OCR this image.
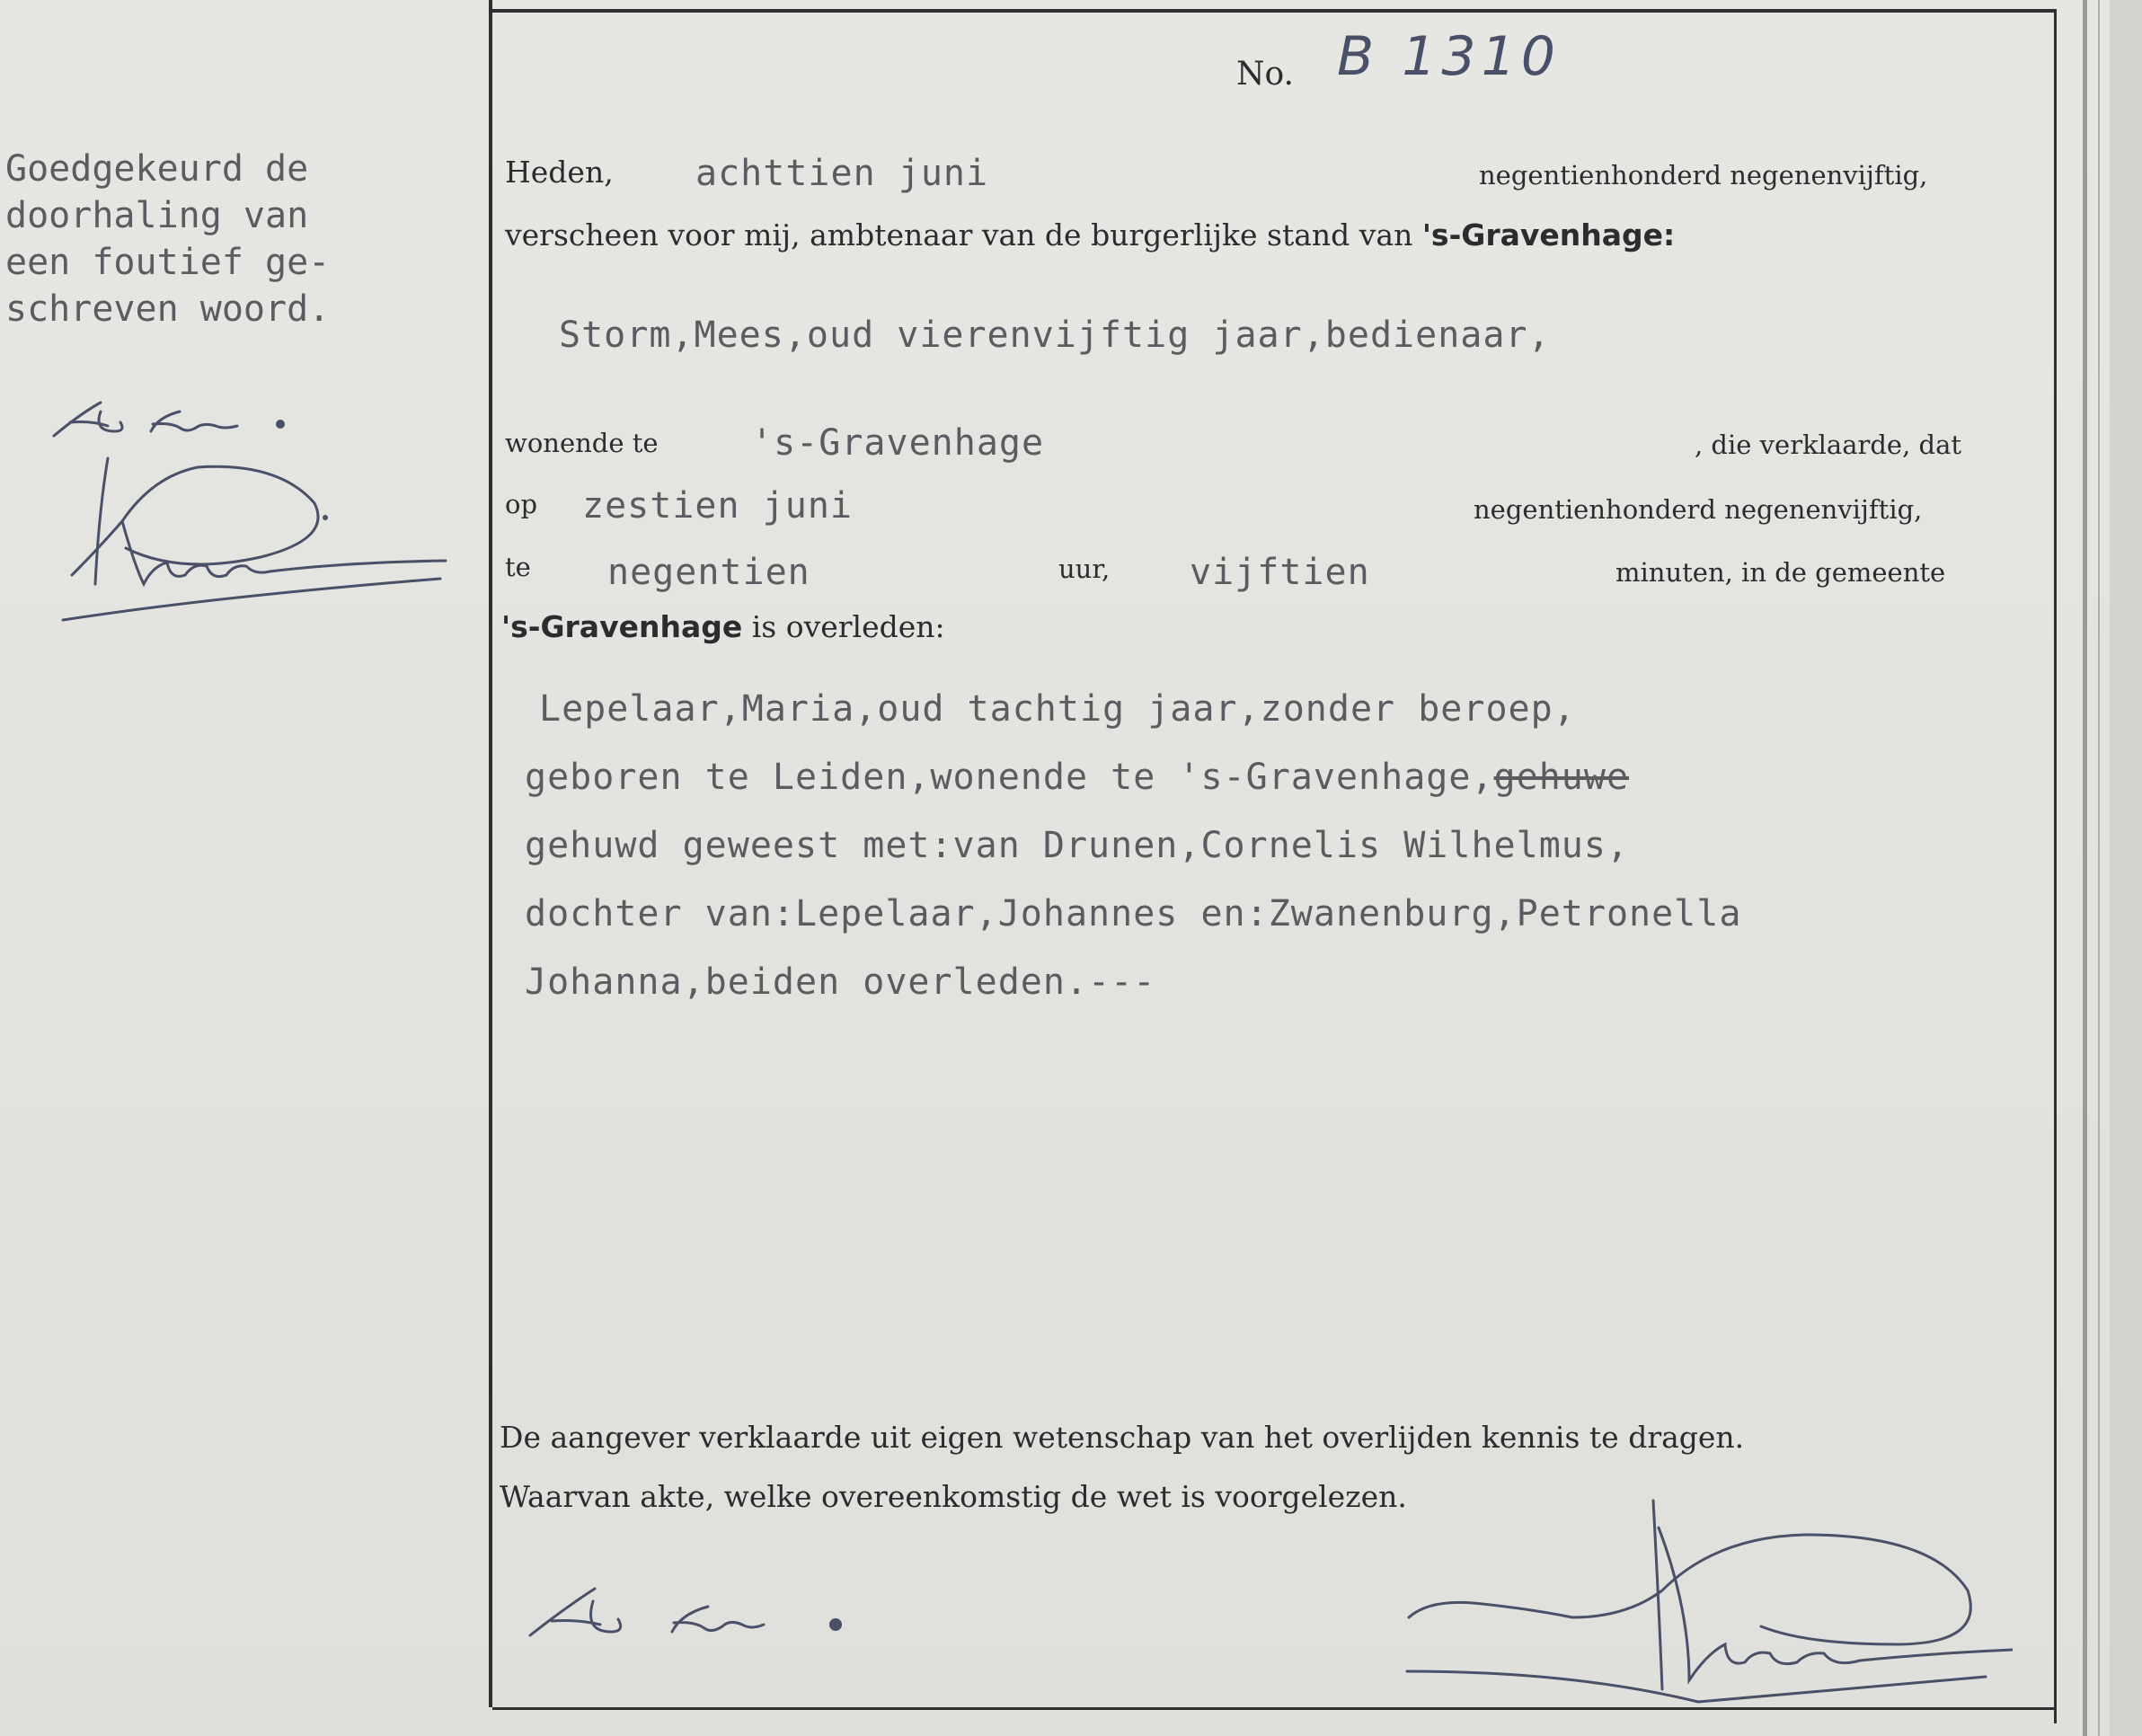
No. B 1310
Goedgekeurd de
doorhaling van
een foutief ge-
schreven woord.
Heden, achttien juni	negentienhonderd negenenvijftig,
verscheen voor mij, ambtenaar van de burgerlijke stand van 's-Gravenhage:
Storm,Mees,oud vierenvijftig jaar,bedienaar,
wonende te	's-Gravenhage	, die verklaarde, dat
op zestien juni	negentienhonderd negenenvijftig,
te negentien	uur, vijftien	minuten, in de gemeente
's-Gravenhage is overleden:
Lepelaar,Maria,oud tachtig jaar,zonder beroep,
geboren te Leiden,wonende te 's-Gravenhage,gehuwe
gehuwd geweest met:van Drunen,Cornelis Wilhelmus,
dochter van:Lepelaar,Johannes en:Zwanenburg,Petronella
Johanna,beiden overleden.---
De aangever verklaarde uit eigen wetenschap van het overlijden kennis te dragen.
Waarvan akte, welke overeenkomstig de wet is voorgelezen.
